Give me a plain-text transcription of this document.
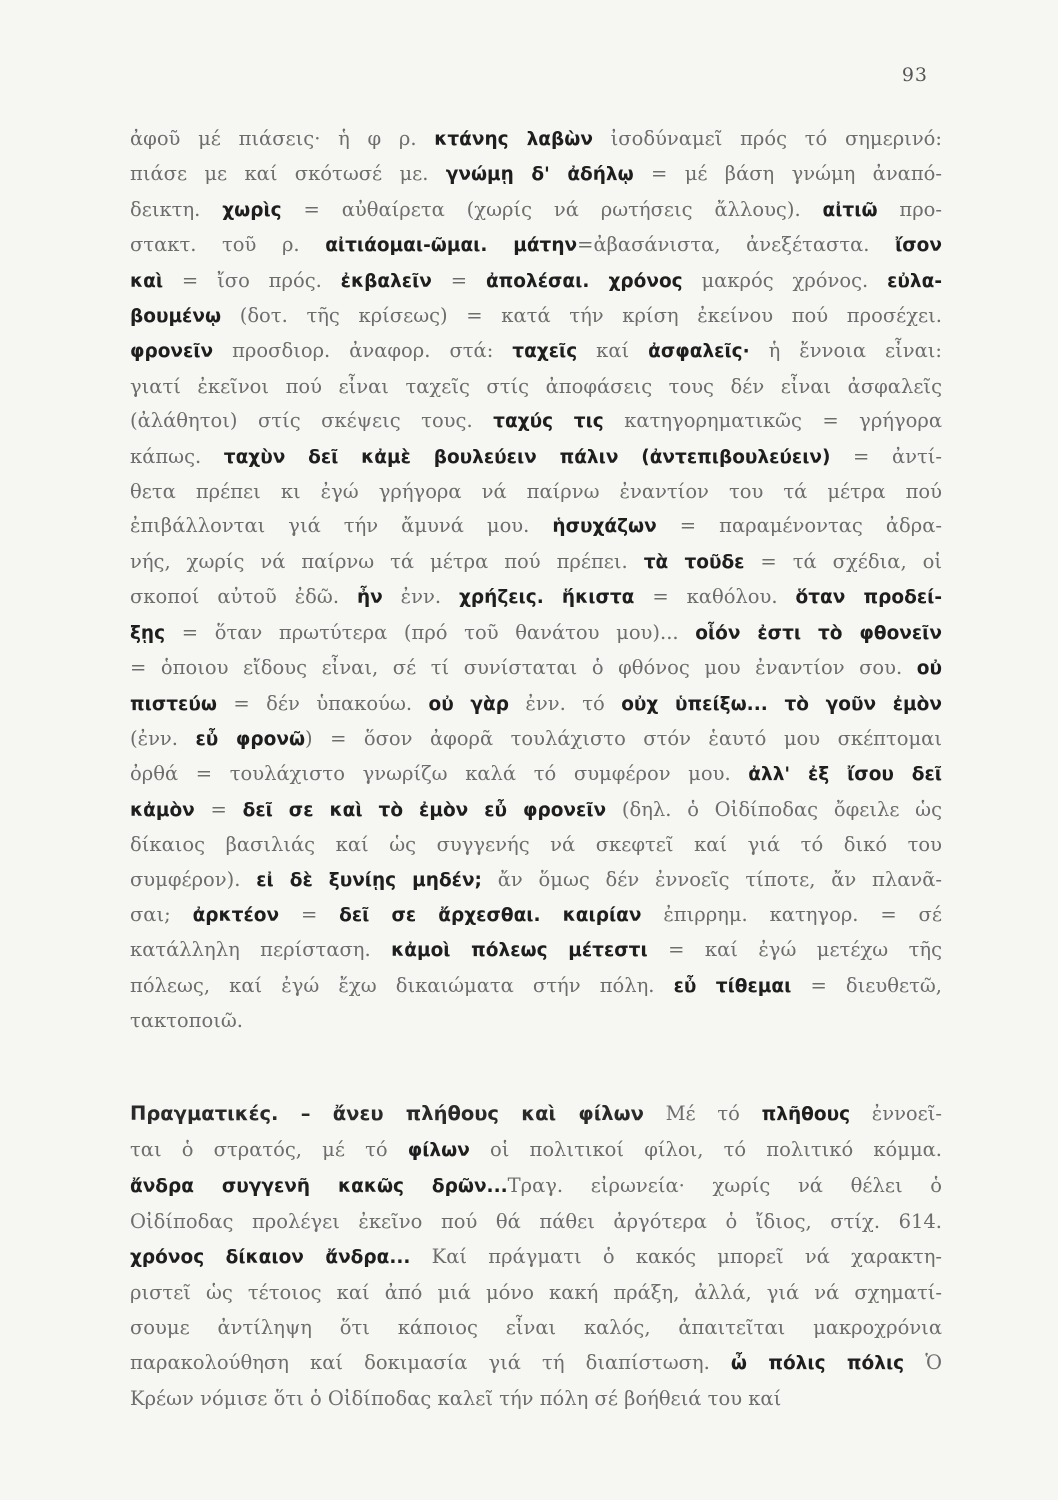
93
ἀφοῦ μέ πιάσεις· ἡ φ ρ. κτάνης λαβὼν ἰσοδύναμεῖ πρός τό σημερινό:
πιάσε με καί σκότωσέ με. γνώμῃ δ' ἀδήλῳ = μέ βάση γνώμη ἀναπό-
δεικτη. χωρὶς = αὐθαίρετα (χωρίς νά ρωτήσεις ἄλλους). αἰτιῶ προ-
στακτ. τοῦ ρ. αἰτιάομαι-ῶμαι. μάτην=ἀβασάνιστα, ἀνεξέταστα. ἴσον
καὶ = ἴσο πρός. ἐκβαλεῖν = ἀπολέσαι. χρόνος μακρός χρόνος. εὐλα-
βουμένῳ (δοτ. τῆς κρίσεως) = κατά τήν κρίση ἐκείνου πού προσέχει.
φρονεῖν προσδιορ. ἀναφορ. στά: ταχεῖς καί ἀσφαλεῖς· ἡ ἔννοια εἶναι:
γιατί ἐκεῖνοι πού εἶναι ταχεῖς στίς ἀποφάσεις τους δέν εἶναι ἀσφαλεῖς
(ἀλάθητοι) στίς σκέψεις τους. ταχύς τις κατηγορηματικῶς = γρήγορα
κάπως. ταχὺν δεῖ κἀμὲ βουλεύειν πάλιν (ἀντεπιβουλεύειν) = ἀντί-
θετα πρέπει κι ἐγώ γρήγορα νά παίρνω ἐναντίον του τά μέτρα πού
ἐπιβάλλονται γιά τήν ἄμυνά μου. ἡσυχάζων = παραμένοντας ἀδρα-
νής, χωρίς νά παίρνω τά μέτρα πού πρέπει. τὰ τοῦδε = τά σχέδια, οἱ
σκοποί αὐτοῦ ἐδῶ. ἦν ἐνν. χρήζεις. ἥκιστα = καθόλου. ὅταν προδεί-
ξῃς = ὅταν πρωτύτερα (πρό τοῦ θανάτου μου)... οἷόν ἐστι τὸ φθονεῖν
= ὁποιου εἴδους εἶναι, σέ τί συνίσταται ὁ φθόνος μου ἐναντίον σου. οὐ
πιστεύω = δέν ὑπακούω. οὐ γὰρ ἐνν. τό οὐχ ὑπείξω... τὸ γοῦν ἐμὸν
(ἐνν. εὖ φρονῶ) = ὅσον ἀφορᾶ τουλάχιστο στόν ἑαυτό μου σκέπτομαι
ὀρθά = τουλάχιστο γνωρίζω καλά τό συμφέρον μου. ἀλλ' ἐξ ἴσου δεῖ
κἀμὸν = δεῖ σε καὶ τὸ ἐμὸν εὖ φρονεῖν (δηλ. ὁ Οἰδίποδας ὄφειλε ὡς
δίκαιος βασιλιάς καί ὡς συγγενής νά σκεφτεῖ καί γιά τό δικό του
συμφέρον). εἰ δὲ ξυνίῃς μηδέν; ἄν ὅμως δέν ἐννοεῖς τίποτε, ἄν πλανᾶ-
σαι; ἀρκτέον = δεῖ σε ἄρχεσθαι. καιρίαν ἐπιρρημ. κατηγορ. = σέ
κατάλληλη περίσταση. κἀμοὶ πόλεως μέτεστι = καί ἐγώ μετέχω τῆς
πόλεως, καί ἐγώ ἔχω δικαιώματα στήν πόλη. εὖ τίθεμαι = διευθετῶ,
τακτοποιῶ.
Πραγματικές. – ἄνευ πλήθους καὶ φίλων Μέ τό πλῆθους ἐννοεῖ-
ται ὁ στρατός, μέ τό φίλων οἱ πολιτικοί φίλοι, τό πολιτικό κόμμα.
ἄνδρα συγγενῆ κακῶς δρῶν...Τραγ. εἰρωνεία· χωρίς νά θέλει ὁ
Οἰδίποδας προλέγει ἐκεῖνο πού θά πάθει ἀργότερα ὁ ἴδιος, στίχ. 614.
χρόνος δίκαιον ἄνδρα... Καί πράγματι ὁ κακός μπορεῖ νά χαρακτη-
ριστεῖ ὡς τέτοιος καί ἀπό μιά μόνο κακή πράξη, ἀλλά, γιά νά σχηματί-
σουμε ἀντίληψη ὅτι κάποιος εἶναι καλός, ἀπαιτεῖται μακροχρόνια
παρακολούθηση καί δοκιμασία γιά τή διαπίστωση. ὦ πόλις πόλις Ὁ
Κρέων νόμισε ὅτι ὁ Οἰδίποδας καλεῖ τήν πόλη σέ βοήθειά του καί
